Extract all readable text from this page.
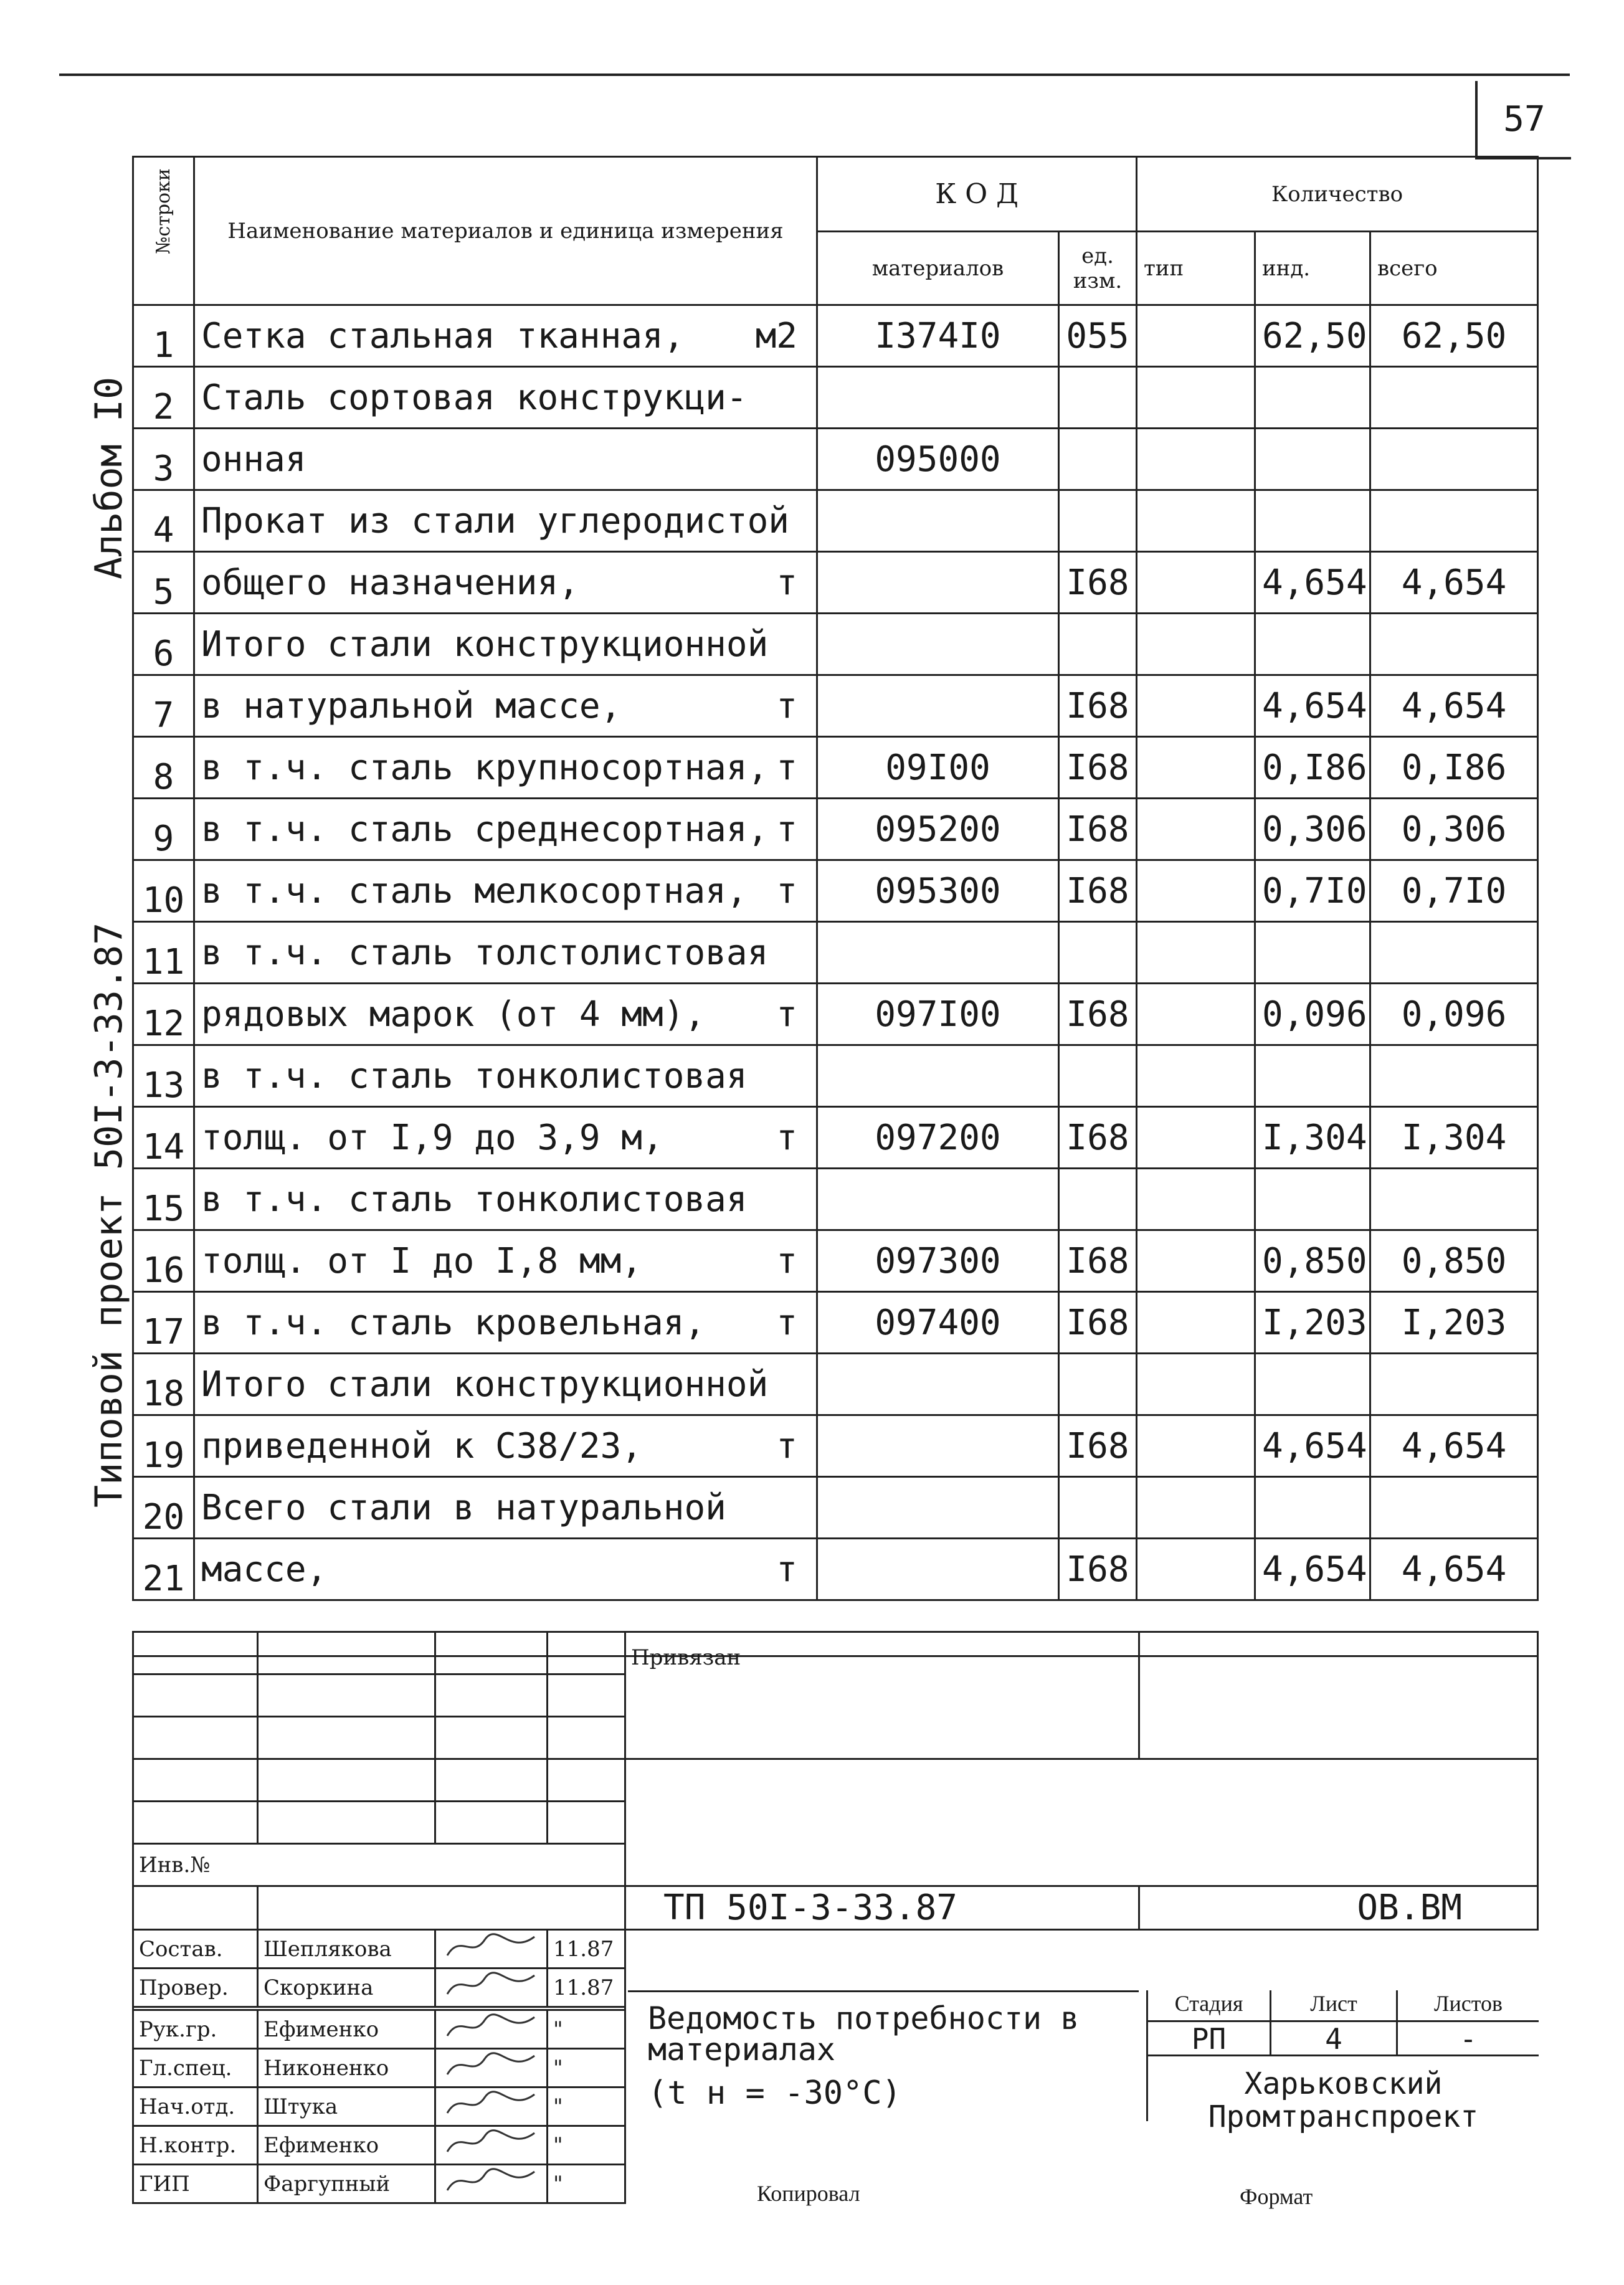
57
Альбом I0
Типовой проект 50I-3-33.87
№строки	Наименование материалов и единица измерения	К О Д		Количество		
		материалов	ед. изм.	тип	инд.	всего
1	Сетка стальная тканная, м2	I374I0	055		62,50	62,50
2	Сталь сортовая конструкци-

3	онная	095000				
4	Прокат из стали углеродистой

5	общего назначения, т		I68		4,654	4,654
6	Итого стали конструкционной

7	в натуральной массе, т		I68		4,654	4,654
8	в т.ч. сталь крупносортная, т	09I00	I68		0,I86	0,I86
9	в т.ч. сталь среднесортная, т	095200	I68		0,306	0,306
10	в т.ч. сталь мелкосортная, т	095300	I68		0,7I0	0,7I0
11	в т.ч. сталь толстолистовая

12	рядовых марок (от 4 мм), т	097I00	I68		0,096	0,096
13	в т.ч. сталь тонколистовая

14	толщ. от I,9 до 3,9 м, т	097200	I68		I,304	I,304
15	в т.ч. сталь тонколистовая

16	толщ. от I до I,8 мм, т	097300	I68		0,850	0,850
17	в т.ч. сталь кровельная, т	097400	I68		I,203	I,203
18	Итого стали конструкционной

19	приведенной к С38/23, т		I68		4,654	4,654
20	Всего стали в натуральной

21	массе, т		I68		4,654	4,654

				Привязан	

Инв.№					
				ТП 50I-3-33.87	ОВ.ВМ
Состав.	Шеплякова		11.87		
Провер.	Скоркина		11.87		

Рук.гр.	Ефименко		"		
Гл.спец.	Никоненко		"		
Нач.отд.	Штука		"		
Н.контр.	Ефименко		"		
ГИП	Фаргупный		"		
Ведомость потребности в материалах
(t н = -30°С)
Стадия	Лист	Листов
РП	4	-
Харьковский Промтранспроект
Копировал	Формат
